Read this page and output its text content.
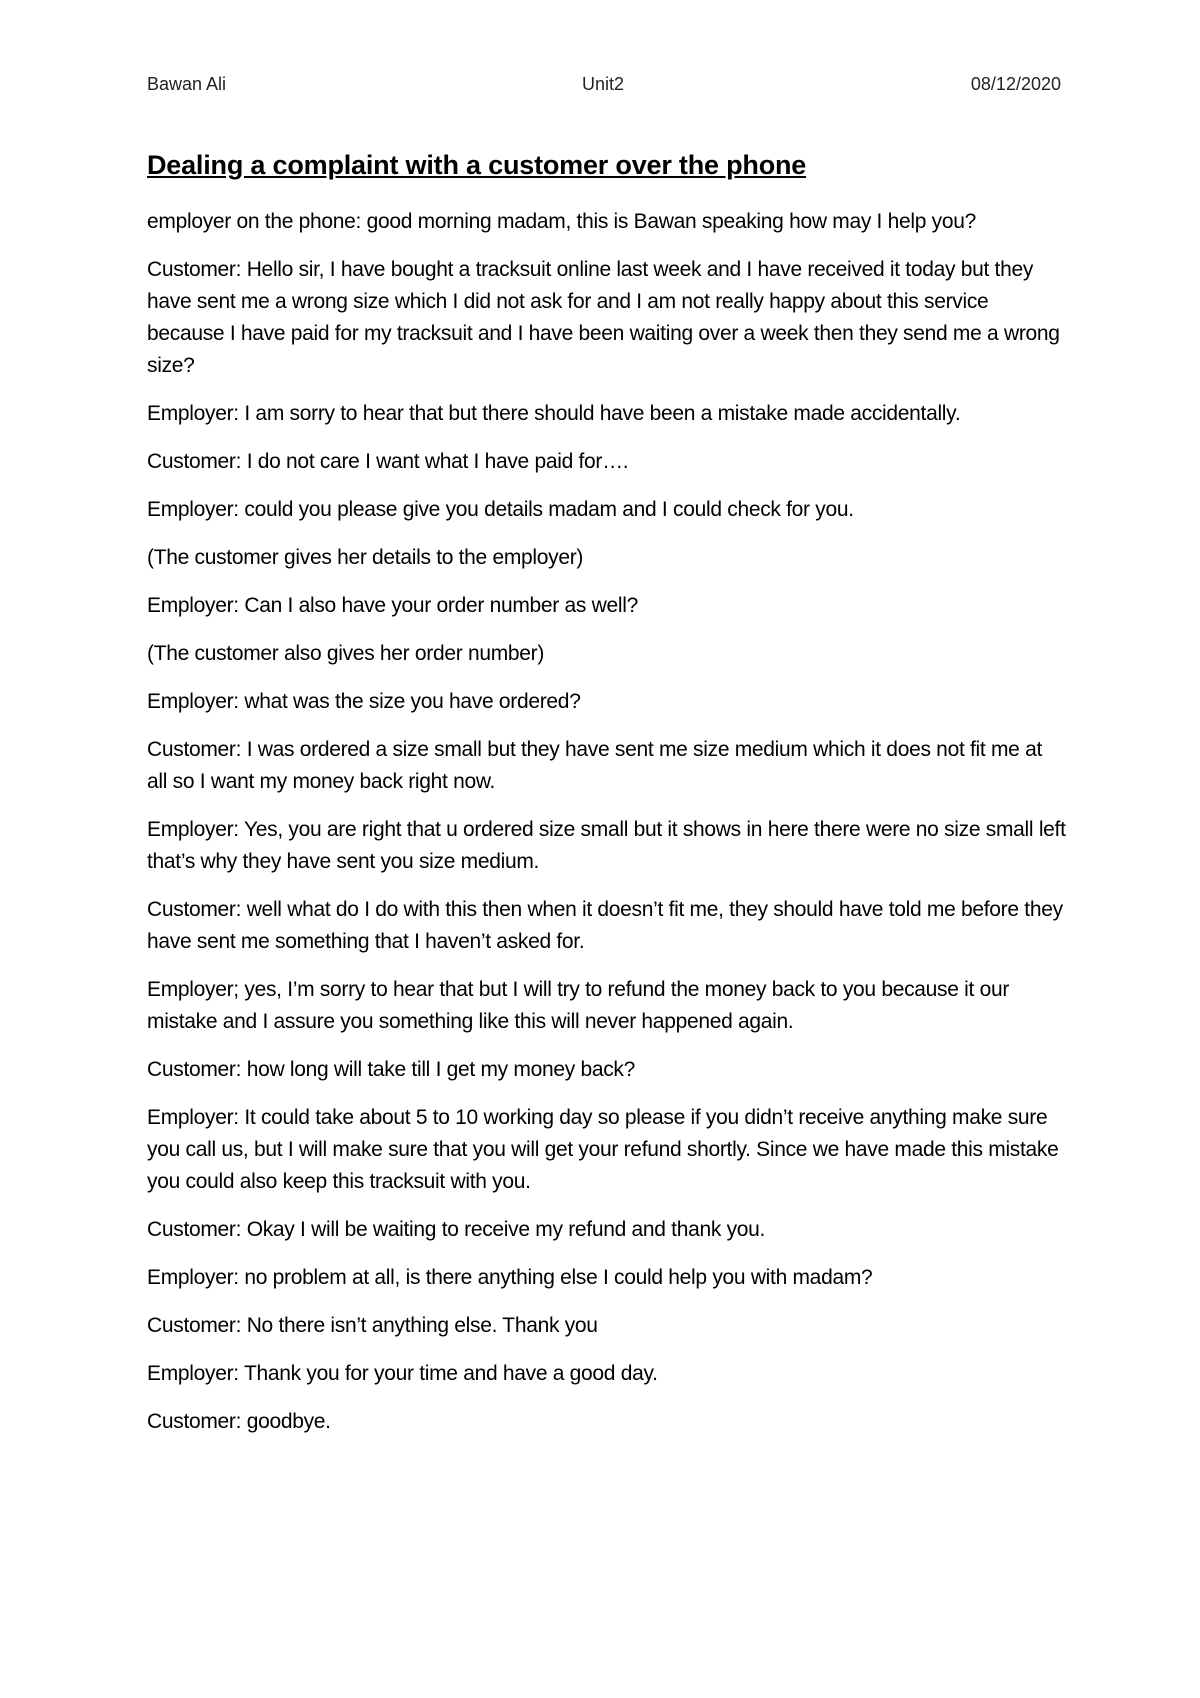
Bawan Ali	Unit2	08/12/2020
Dealing a complaint with a customer over the phone

employer on the phone: good morning madam, this is Bawan speaking how may I help you?

Customer: Hello sir, I have bought a tracksuit online last week and I have received it today but they have sent me a wrong size which I did not ask for and I am not really happy about this service because I have paid for my tracksuit and I have been waiting over a week then they send me a wrong size?

Employer: I am sorry to hear that but there should have been a mistake made accidentally.

Customer: I do not care I want what I have paid for….

Employer: could you please give you details madam and I could check for you.

(The customer gives her details to the employer)

Employer: Can I also have your order number as well?

(The customer also gives her order number)

Employer: what was the size you have ordered?

Customer: I was ordered a size small but they have sent me size medium which it does not fit me at all so I want my money back right now.

Employer: Yes, you are right that u ordered size small but it shows in here there were no size small left that’s why they have sent you size medium.

Customer: well what do I do with this then when it doesn’t fit me, they should have told me before they have sent me something that I haven’t asked for.

Employer; yes, I’m sorry to hear that but I will try to refund the money back to you because it our mistake and I assure you something like this will never happened again.

Customer: how long will take till I get my money back?

Employer: It could take about 5 to 10 working day so please if you didn’t receive anything make sure you call us, but I will make sure that you will get your refund shortly. Since we have made this mistake you could also keep this tracksuit with you.

Customer: Okay I will be waiting to receive my refund and thank you.

Employer: no problem at all, is there anything else I could help you with madam?

Customer: No there isn’t anything else. Thank you

Employer: Thank you for your time and have a good day.

Customer: goodbye.
